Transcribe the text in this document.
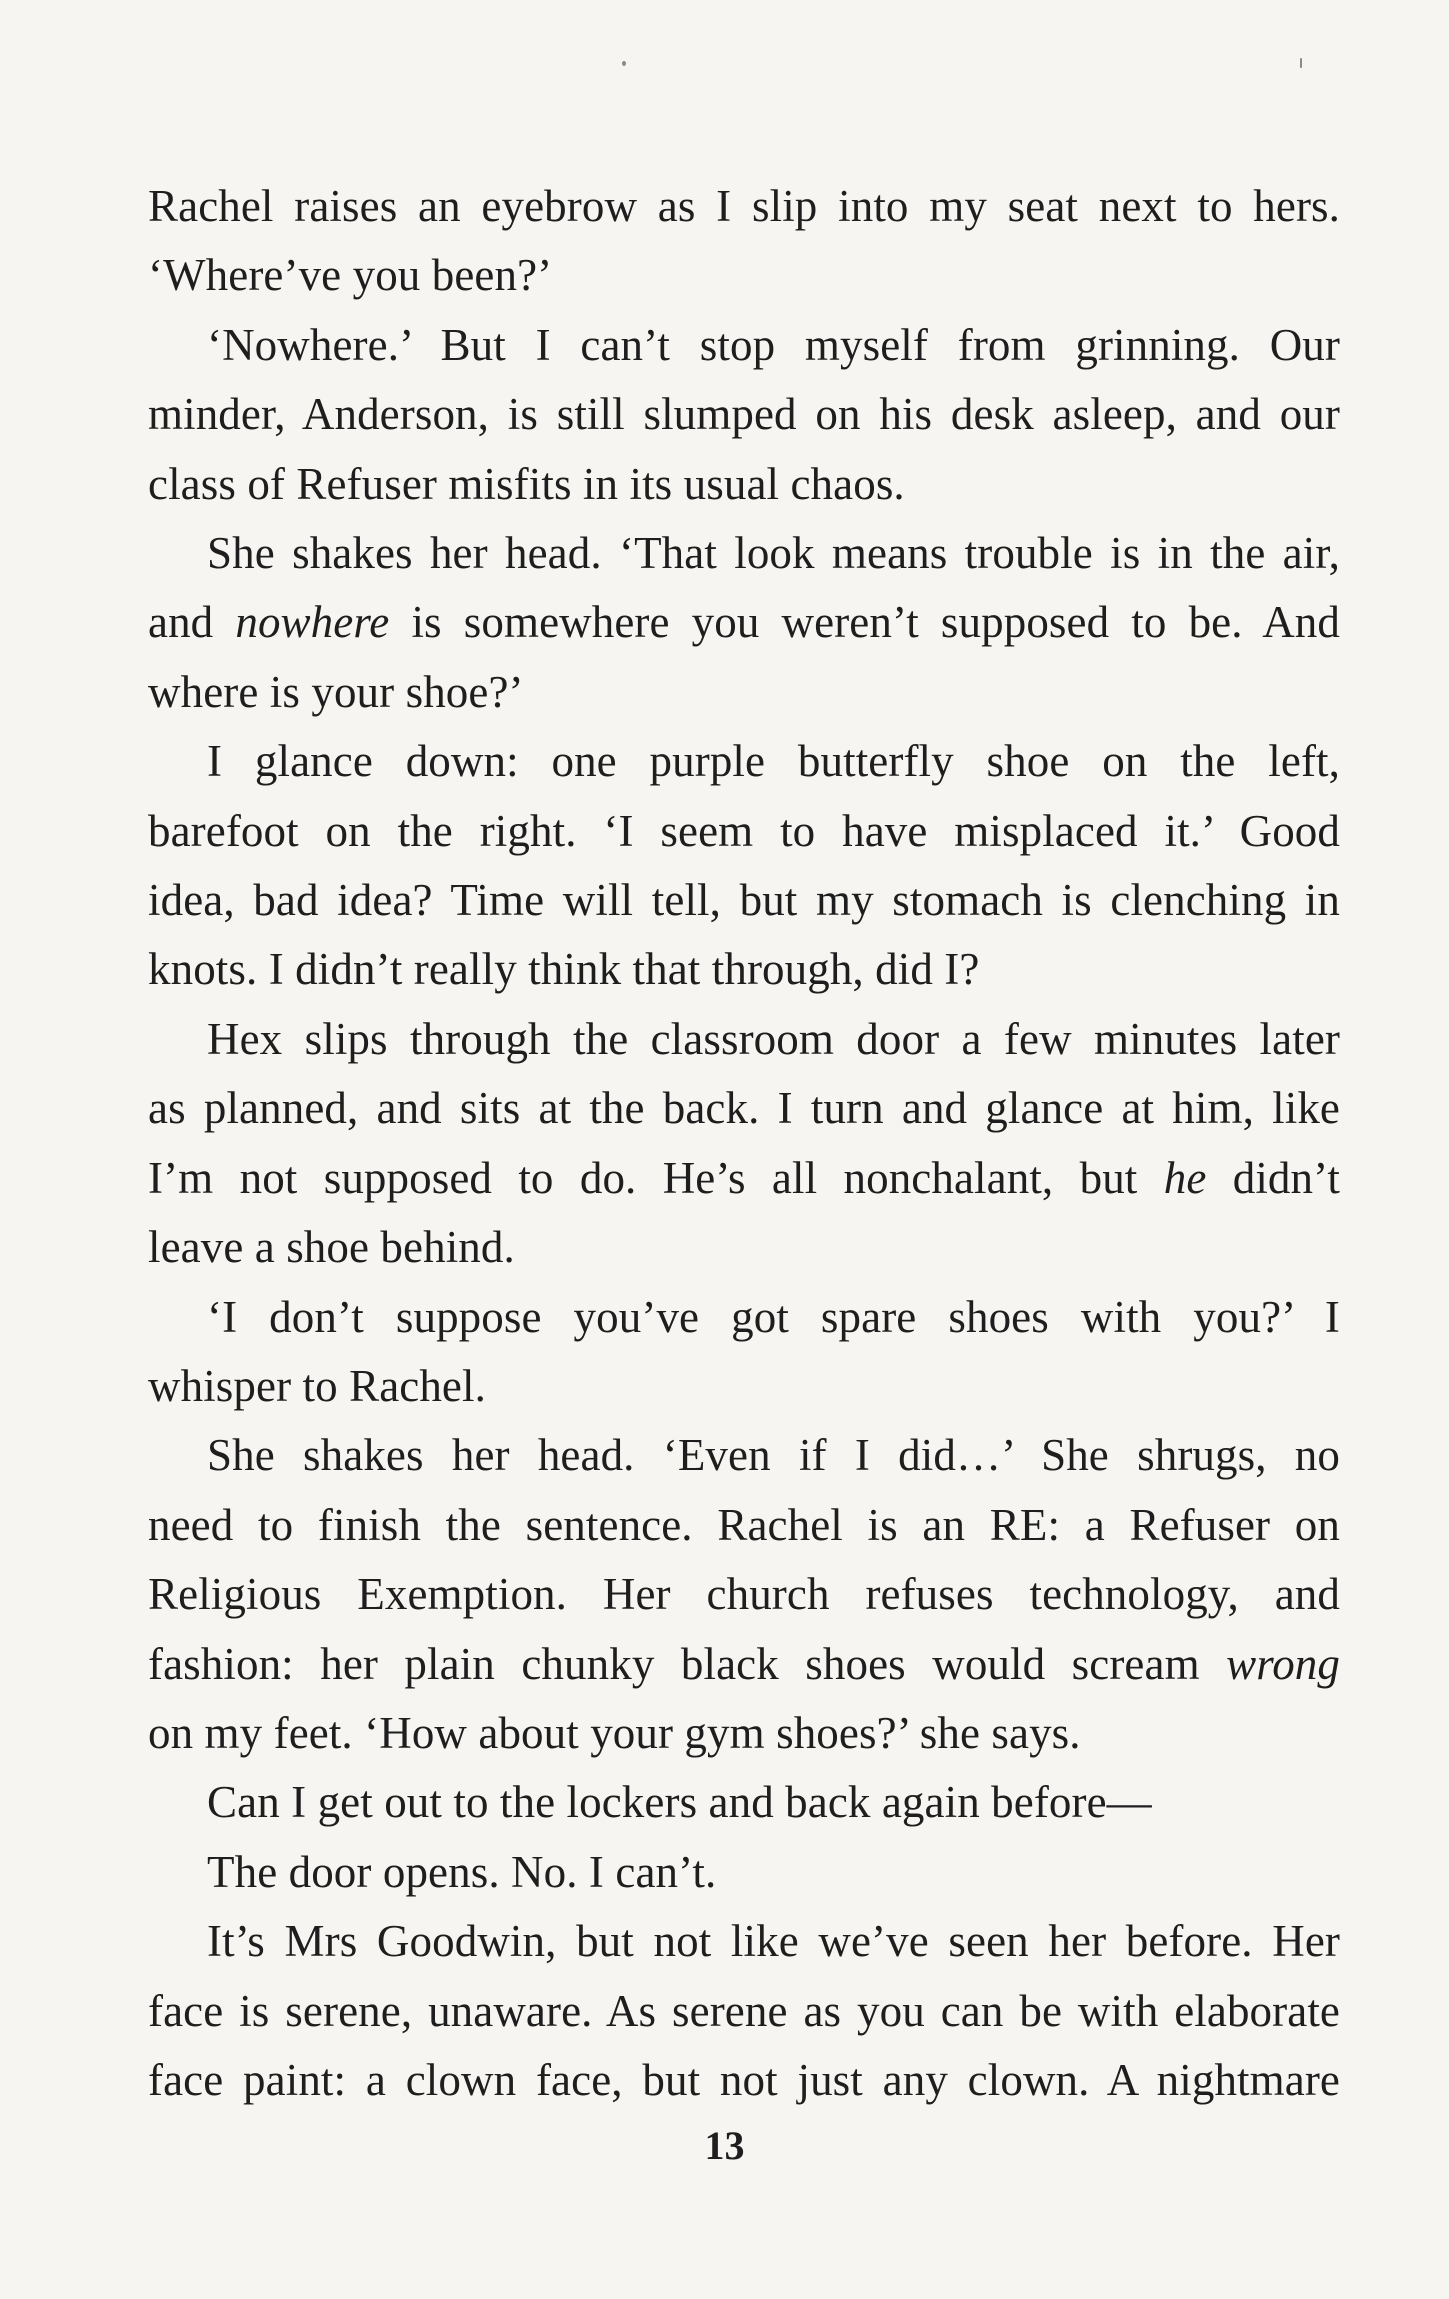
Rachel raises an eyebrow as I slip into my seat next to hers.
‘Where’ve you been?’
‘Nowhere.’ But I can’t stop myself from grinning. Our
minder, Anderson, is still slumped on his desk asleep, and our
class of Refuser misfits in its usual chaos.
She shakes her head. ‘That look means trouble is in the air,
and nowhere is somewhere you weren’t supposed to be. And
where is your shoe?’
I glance down: one purple butterfly shoe on the left,
barefoot on the right. ‘I seem to have misplaced it.’ Good
idea, bad idea? Time will tell, but my stomach is clenching in
knots. I didn’t really think that through, did I?
Hex slips through the classroom door a few minutes later
as planned, and sits at the back. I turn and glance at him, like
I’m not supposed to do. He’s all nonchalant, but he didn’t
leave a shoe behind.
‘I don’t suppose you’ve got spare shoes with you?’ I
whisper to Rachel.
She shakes her head. ‘Even if I did…’ She shrugs, no
need to finish the sentence. Rachel is an RE: a Refuser on
Religious Exemption. Her church refuses technology, and
fashion: her plain chunky black shoes would scream wrong
on my feet. ‘How about your gym shoes?’ she says.
Can I get out to the lockers and back again before—
The door opens. No. I can’t.
It’s Mrs Goodwin, but not like we’ve seen her before. Her
face is serene, unaware. As serene as you can be with elaborate
face paint: a clown face, but not just any clown. A nightmare
13
